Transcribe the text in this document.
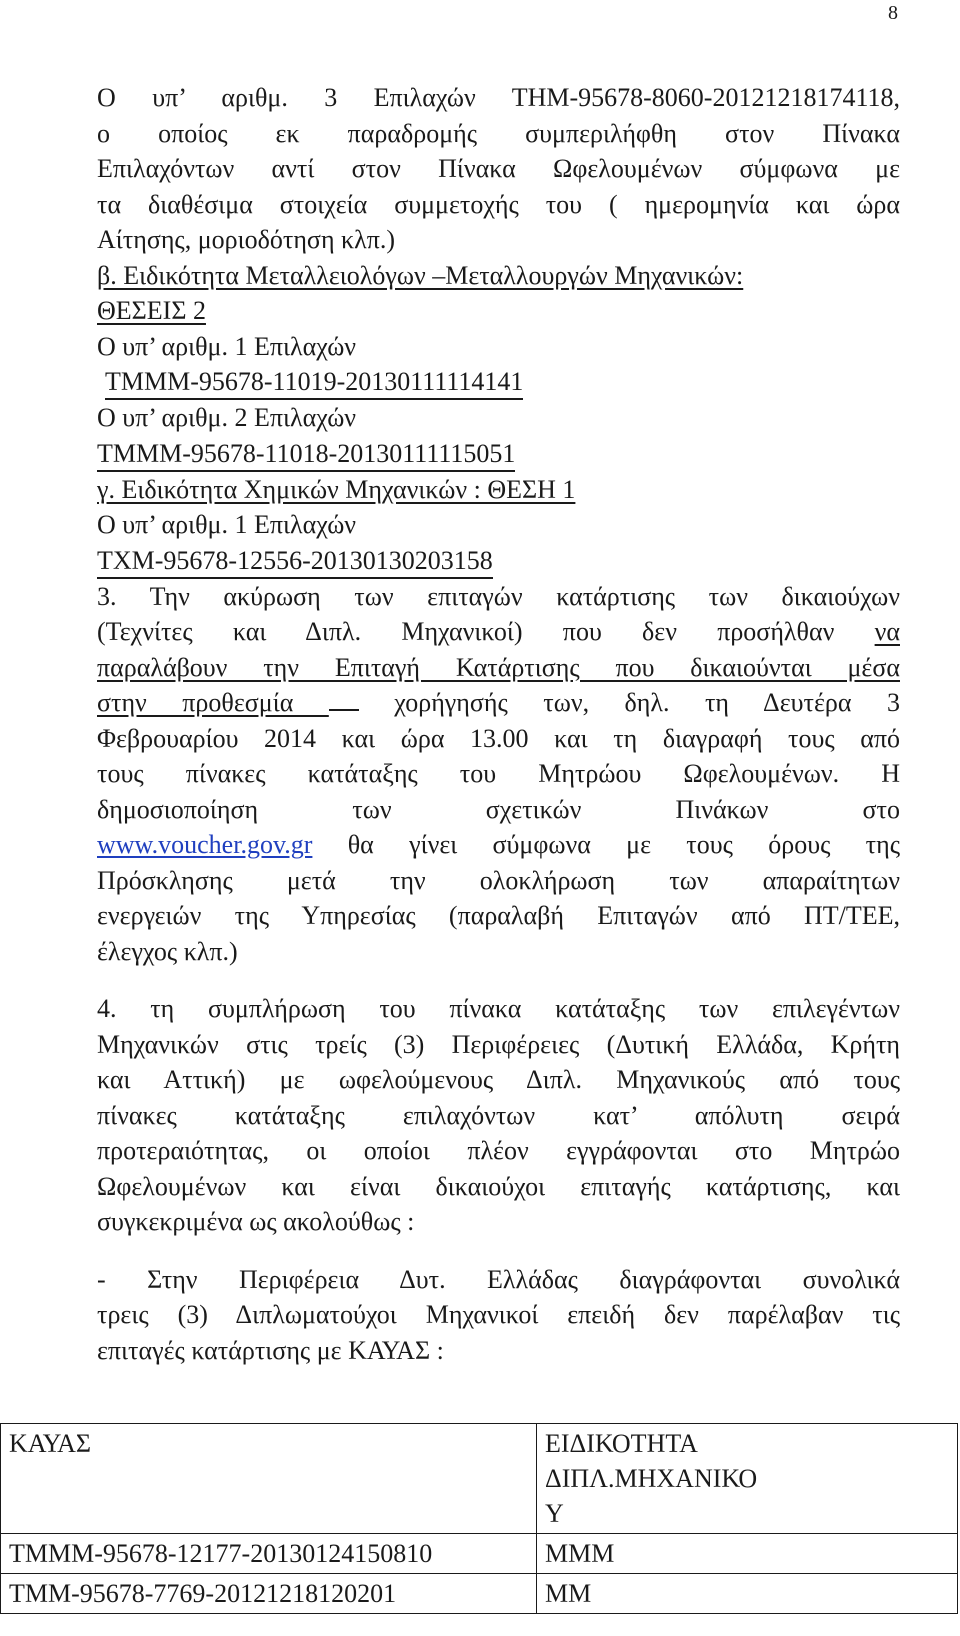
8

Ο υπ’ αριθμ. 3 Επιλαχών ΤΗΜ-95678-8060-20121218174118,

ο οποίος εκ παραδρομής συμπεριλήφθη στον Πίνακα

Επιλαχόντων αντί στον Πίνακα Ωφελουμένων σύμφωνα με

τα διαθέσιμα στοιχεία συμμετοχής του ( ημερομηνία και ώρα

Αίτησης, μοριοδότηση κλπ.)

β. Ειδικότητα Μεταλλειολόγων –Μεταλλουργών Μηχανικών:

ΘΕΣΕΙΣ 2

Ο υπ’ αριθμ. 1 Επιλαχών

ΤΜΜΜ-95678-11019-20130111114141

Ο υπ’ αριθμ. 2 Επιλαχών

ΤΜΜΜ-95678-11018-20130111115051

γ. Ειδικότητα Χημικών Μηχανικών : ΘΕΣΗ 1

Ο υπ’ αριθμ. 1 Επιλαχών

ΤΧΜ-95678-12556-20130130203158

3. Την ακύρωση των επιταγών κατάρτισης των δικαιούχων

(Τεχνίτες και Διπλ. Μηχανικοί) που δεν προσήλθαν να

παραλάβουν την Επιταγή Κατάρτισης που δικαιούνται μέσα

στην προθεσμία	χορήγησής των, δηλ. τη Δευτέρα 3

Φεβρουαρίου 2014 και ώρα 13.00 και τη διαγραφή τους από

τους πίνακες κατάταξης του Μητρώου Ωφελουμένων. Η

δημοσιοποίηση των σχετικών Πινάκων στο

www.voucher.gov.gr θα γίνει σύμφωνα με τους όρους της

Πρόσκλησης μετά την ολοκλήρωση των απαραίτητων

ενεργειών της Υπηρεσίας (παραλαβή Επιταγών από ΠΤ/ΤΕΕ,

έλεγχος κλπ.)

4. τη συμπλήρωση του πίνακα κατάταξης των επιλεγέντων

Μηχανικών στις τρείς (3) Περιφέρειες (Δυτική Ελλάδα, Κρήτη

και Αττική) με ωφελούμενους Διπλ. Μηχανικούς από τους

πίνακες κατάταξης επιλαχόντων κατ’ απόλυτη σειρά

προτεραιότητας, οι οποίοι πλέον εγγράφονται στο Μητρώο

Ωφελουμένων και είναι δικαιούχοι επιταγής κατάρτισης, και

συγκεκριμένα ως ακολούθως :

- Στην Περιφέρεια Δυτ. Ελλάδας διαγράφονται συνολικά

τρεις (3) Διπλωματούχοι Μηχανικοί επειδή δεν παρέλαβαν τις

επιταγές κατάρτισης με ΚΑΥΑΣ :

ΚΑΥΑΣ	ΕΙΔΙΚΟΤΗΤΑ
ΔΙΠΛ.ΜΗΧΑΝΙΚΟ
Υ

ΤΜΜΜ-95678-12177-20130124150810	ΜΜΜ
ΤΜΜ-95678-7769-20121218120201	ΜΜ
